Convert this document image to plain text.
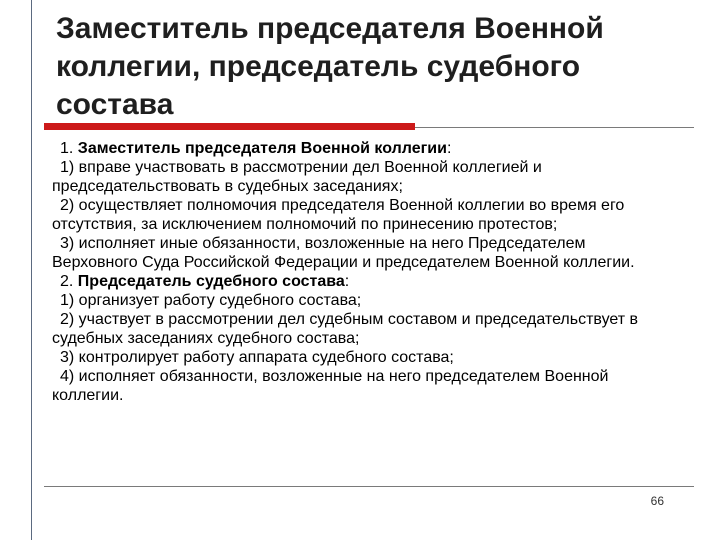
Заместитель председателя Военной
коллегии, председатель судебного
состава

1. Заместитель председателя Военной коллегии:

1) вправе участвовать в рассмотрении дел Военной коллегией и председательствовать в судебных заседаниях;

2) осуществляет полномочия председателя Военной коллегии во время его отсутствия, за исключением полномочий по принесению протестов;

3) исполняет иные обязанности, возложенные на него Председателем Верховного Суда Российской Федерации и председателем Военной коллегии.

2. Председатель судебного состава:

1) организует работу судебного состава;

2) участвует в рассмотрении дел судебным составом и председательствует в судебных заседаниях судебного состава;

3) контролирует работу аппарата судебного состава;

4) исполняет обязанности, возложенные на него председателем Военной коллегии.

66
